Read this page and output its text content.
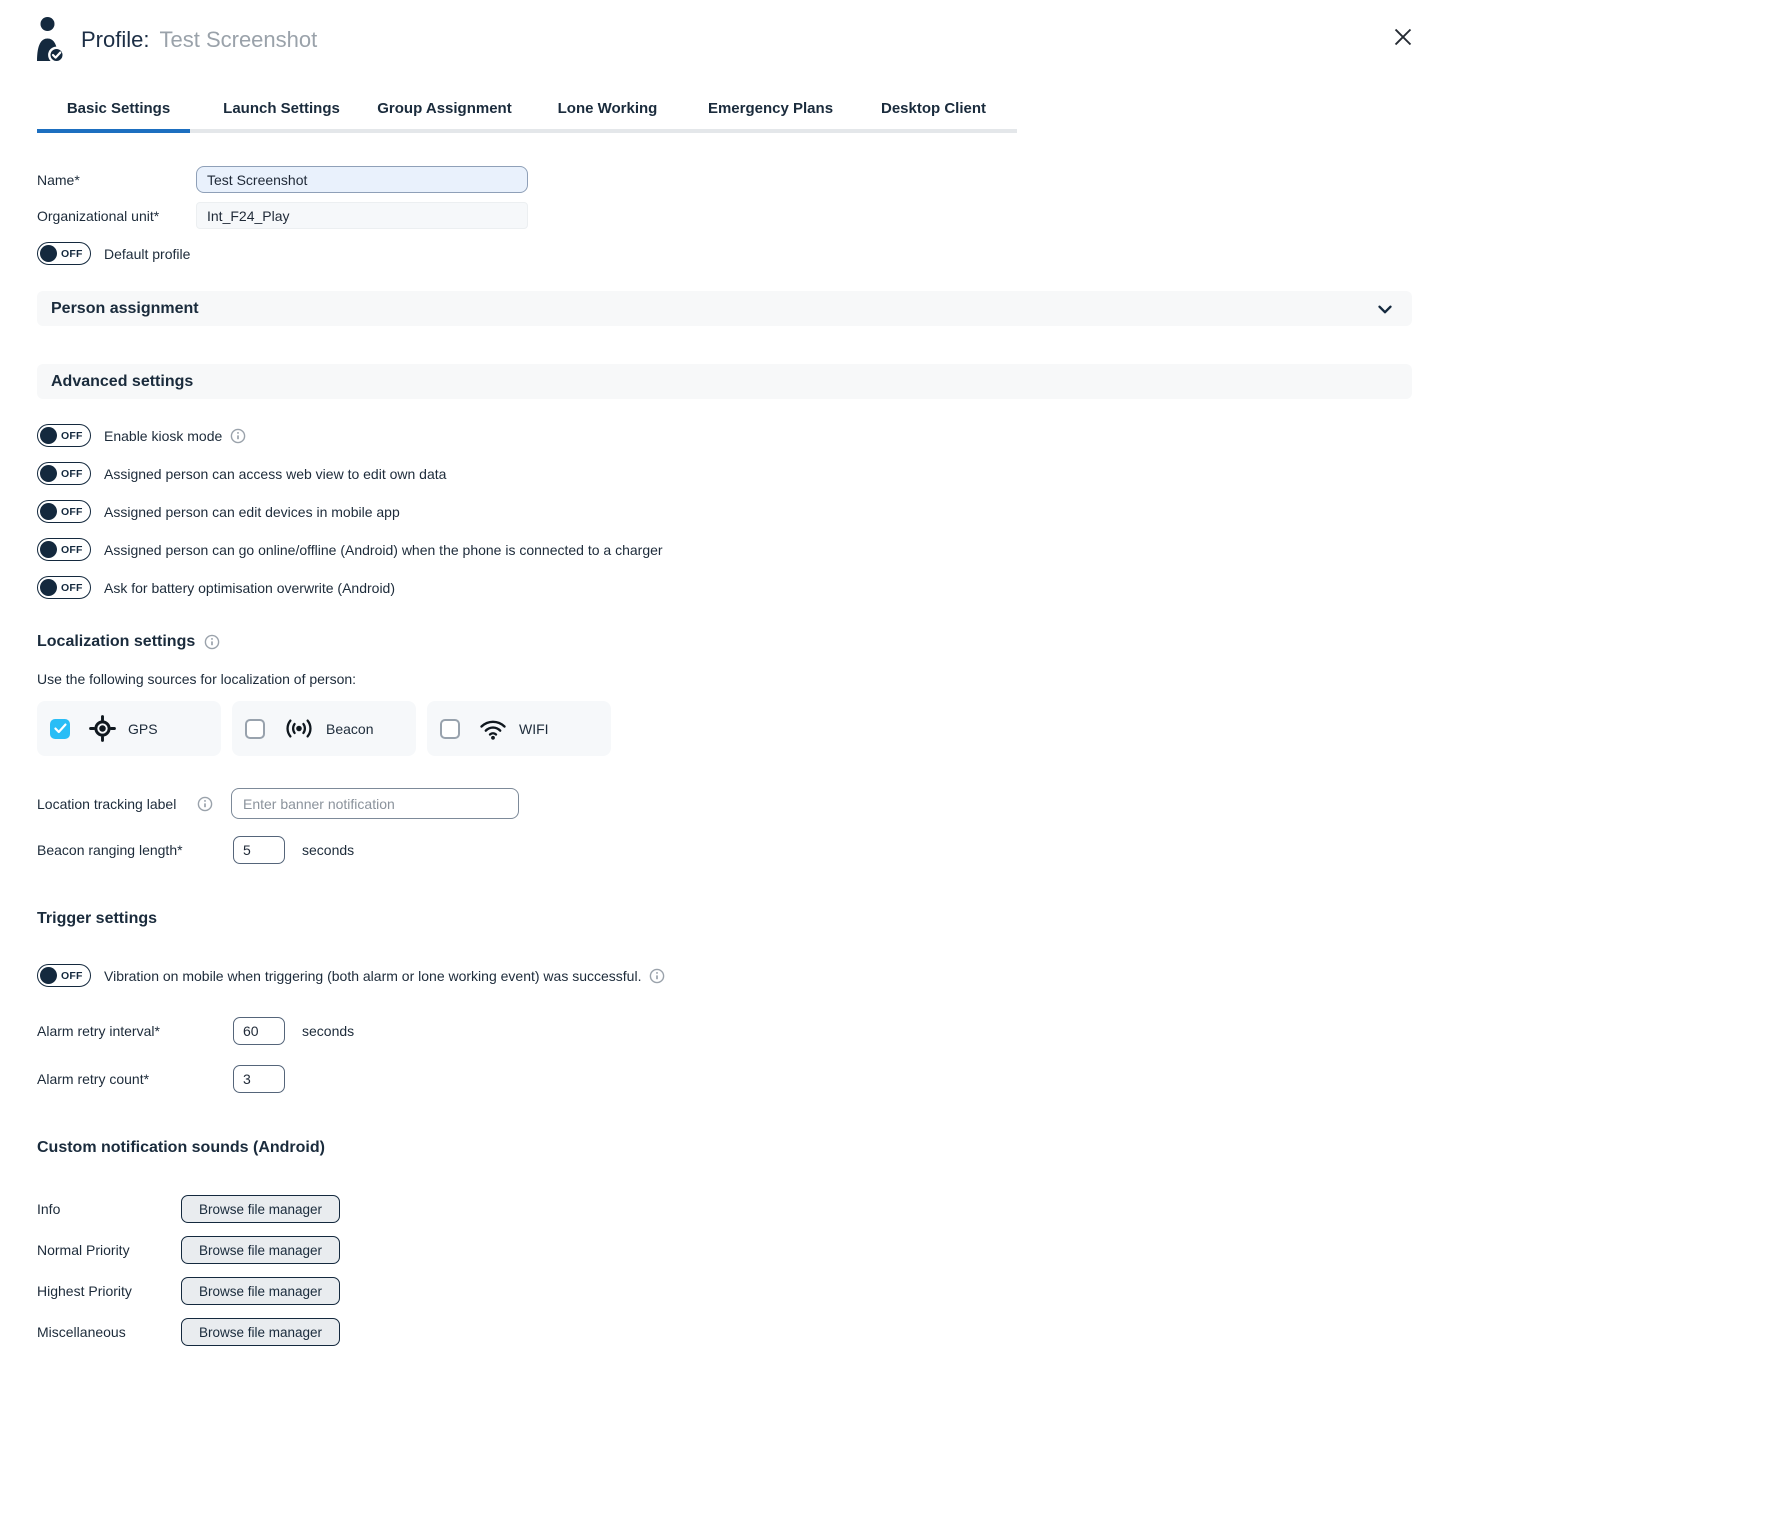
Profile: Test Screenshot
Basic Settings	Launch Settings	Group Assignment	Lone Working	Emergency Plans	Desktop Client
Name*
Test Screenshot
Organizational unit*
Int_F24_Play
OFF Default profile
Person assignment
Advanced settings
OFF Enable kiosk mode
OFF Assigned person can access web view to edit own data
OFF Assigned person can edit devices in mobile app
OFF Assigned person can go online/offline (Android) when the phone is connected to a charger
OFF Ask for battery optimisation overwrite (Android)
Localization settings
Use the following sources for localization of person:
GPS	Beacon	WIFI
Location tracking label
Enter banner notification
Beacon ranging length*
5	seconds
Trigger settings
OFF Vibration on mobile when triggering (both alarm or lone working event) was successful.
Alarm retry interval*
60	seconds
Alarm retry count*
3
Custom notification sounds (Android)
Info	Browse file manager
Normal Priority	Browse file manager
Highest Priority	Browse file manager
Miscellaneous	Browse file manager
